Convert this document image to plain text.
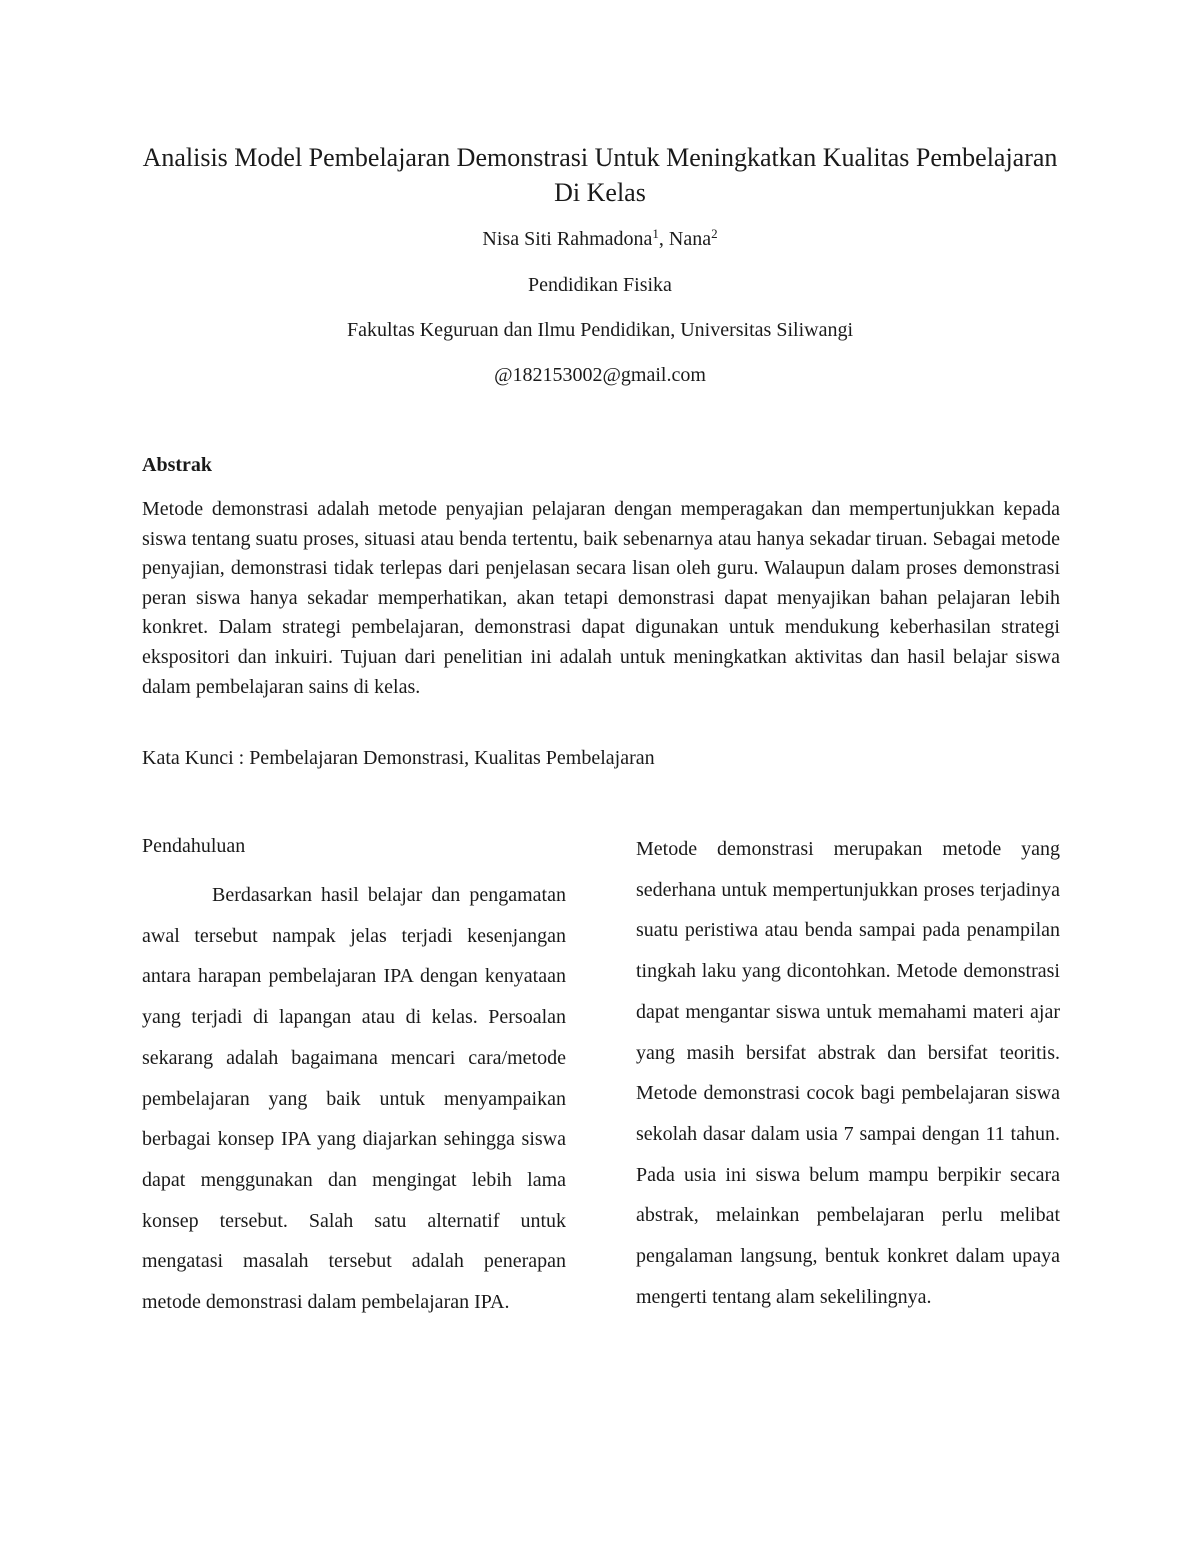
Analisis Model Pembelajaran Demonstrasi Untuk Meningkatkan Kualitas Pembelajaran Di Kelas

Nisa Siti Rahmadona$^1$, Nana$^2$

Pendidikan Fisika

Fakultas Keguruan dan Ilmu Pendidikan, Universitas Siliwangi

@182153002@gmail.com

Abstrak

Metode demonstrasi adalah metode penyajian pelajaran dengan memperagakan dan mempertunjukkan kepada siswa tentang suatu proses, situasi atau benda tertentu, baik sebenarnya atau hanya sekadar tiruan. Sebagai metode penyajian, demonstrasi tidak terlepas dari penjelasan secara lisan oleh guru. Walaupun dalam proses demonstrasi peran siswa hanya sekadar memperhatikan, akan tetapi demonstrasi dapat menyajikan bahan pelajaran lebih konkret. Dalam strategi pembelajaran, demonstrasi dapat digunakan untuk mendukung keberhasilan strategi ekspositori dan inkuiri. Tujuan dari penelitian ini adalah untuk meningkatkan aktivitas dan hasil belajar siswa dalam pembelajaran sains di kelas.

Kata Kunci : Pembelajaran Demonstrasi, Kualitas Pembelajaran

Pendahuluan

Berdasarkan hasil belajar dan pengamatan awal tersebut nampak jelas terjadi kesenjangan antara harapan pembelajaran IPA dengan kenyataan yang terjadi di lapangan atau di kelas. Persoalan sekarang adalah bagaimana mencari cara/metode pembelajaran yang baik untuk menyampaikan berbagai konsep IPA yang diajarkan sehingga siswa dapat menggunakan dan mengingat lebih lama konsep tersebut. Salah satu alternatif untuk mengatasi masalah tersebut adalah penerapan metode demonstrasi dalam pembelajaran IPA.

Metode demonstrasi merupakan metode yang sederhana untuk mempertunjukkan proses terjadinya suatu peristiwa atau benda sampai pada penampilan tingkah laku yang dicontohkan. Metode demonstrasi dapat mengantar siswa untuk memahami materi ajar yang masih bersifat abstrak dan bersifat teoritis. Metode demonstrasi cocok bagi pembelajaran siswa sekolah dasar dalam usia 7 sampai dengan 11 tahun. Pada usia ini siswa belum mampu berpikir secara abstrak, melainkan pembelajaran perlu melibat pengalaman langsung, bentuk konkret dalam upaya mengerti tentang alam sekelilingnya.
